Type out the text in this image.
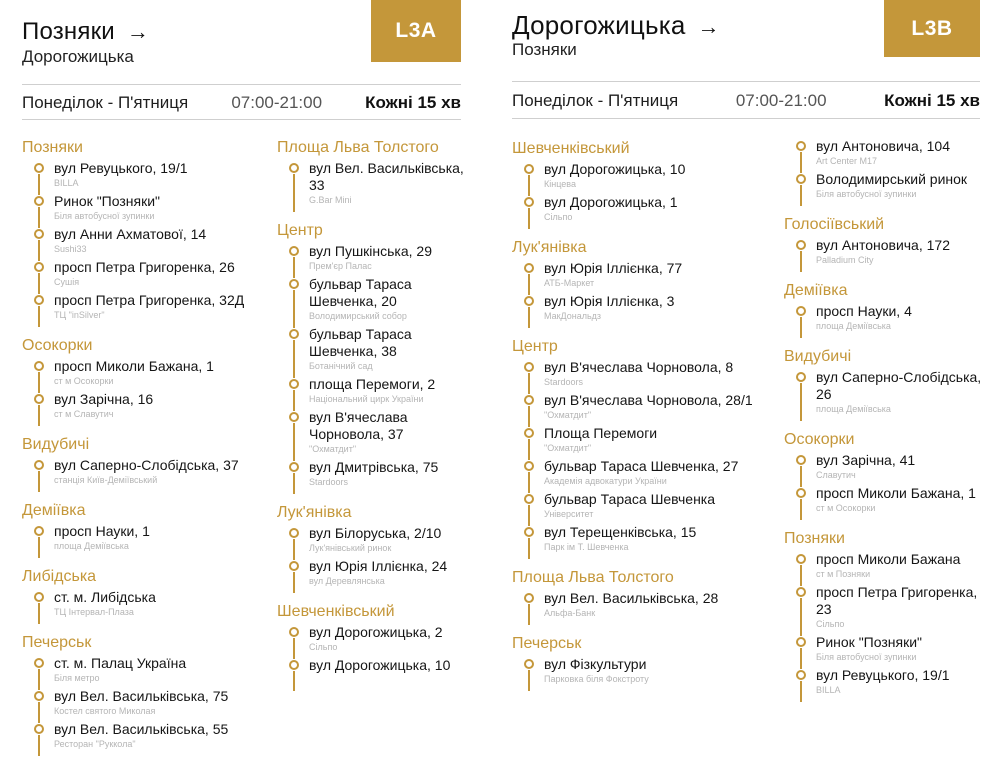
Позняки →
Дорогожицька
L3A
Понеділок - П'ятниця	07:00-21:00	Кожні 15 хв
Позняки
вул Ревуцького, 19/1
BILLA
Ринок "Позняки"
Біля автобусної зупинки
вул Анни Ахматової, 14
Sushi33
просп Петра Григоренка, 26
Сушія
просп Петра Григоренка, 32Д
ТЦ "inSilver"
Осокорки
просп Миколи Бажана, 1
ст м Осокорки
вул Зарічна, 16
ст м Славутич
Видубичі
вул Саперно-Слобідська, 37
станція Київ-Деміївський
Деміївка
просп Науки, 1
площа Деміївська
Либідська
ст. м. Либідська
ТЦ Інтервал-Плаза
Печерськ
ст. м. Палац Україна
Біля метро
вул Вел. Васильківська, 75
Костел святого Миколая
вул Вел. Васильківська, 55
Ресторан "Руккола"
Площа Льва Толстого
вул Вел. Васильківська, 33
G.Bar Mini
Центр
вул Пушкінська, 29
Прем'єр Палас
бульвар Тараса Шевченка, 20
Володимирський собор
бульвар Тараса Шевченка, 38
Ботанічний сад
площа Перемоги, 2
Національний цирк України
вул В'ячеслава Чорновола, 37
"Охматдит"
вул Дмитрівська, 75
Stardoors
Лук'янівка
вул Білоруська, 2/10
Лук'янівський ринок
вул Юрія Іллієнка, 24
вул Деревлянська
Шевченківський
вул Дорогожицька, 2
Сільпо
вул Дорогожицька, 10
Дорогожицька →
Позняки
L3B
Понеділок - П'ятниця	07:00-21:00	Кожні 15 хв
Шевченківський
вул Дорогожицька, 10
Кінцева
вул Дорогожицька, 1
Сільпо
Лук'янівка
вул Юрія Іллієнка, 77
АТБ-Маркет
вул Юрія Іллієнка, 3
МакДональдз
Центр
вул В'ячеслава Чорновола, 8
Stardoors
вул В'ячеслава Чорновола, 28/1
"Охматдит"
Площа Перемоги
"Охматдит"
бульвар Тараса Шевченка, 27
Академія адвокатури України
бульвар Тараса Шевченка
Університет
вул Терещенківська, 15
Парк ім Т. Шевченка
Площа Льва Толстого
вул Вел. Васильківська, 28
Альфа-Банк
Печерськ
вул Фізкультури
Парковка біля Фокстроту
вул Антоновича, 104
Art Center M17
Володимирський ринок
Біля автобусної зупинки
Голосіївський
вул Антоновича, 172
Palladium City
Деміївка
просп Науки, 4
площа Деміївська
Видубичі
вул Саперно-Слобідська, 26
площа Деміївська
Осокорки
вул Зарічна, 41
Славутич
просп Миколи Бажана, 1
ст м Осокорки
Позняки
просп Миколи Бажана
ст м Позняки
просп Петра Григоренка, 23
Сільпо
Ринок "Позняки"
Біля автобусної зупинки
вул Ревуцького, 19/1
BILLA
